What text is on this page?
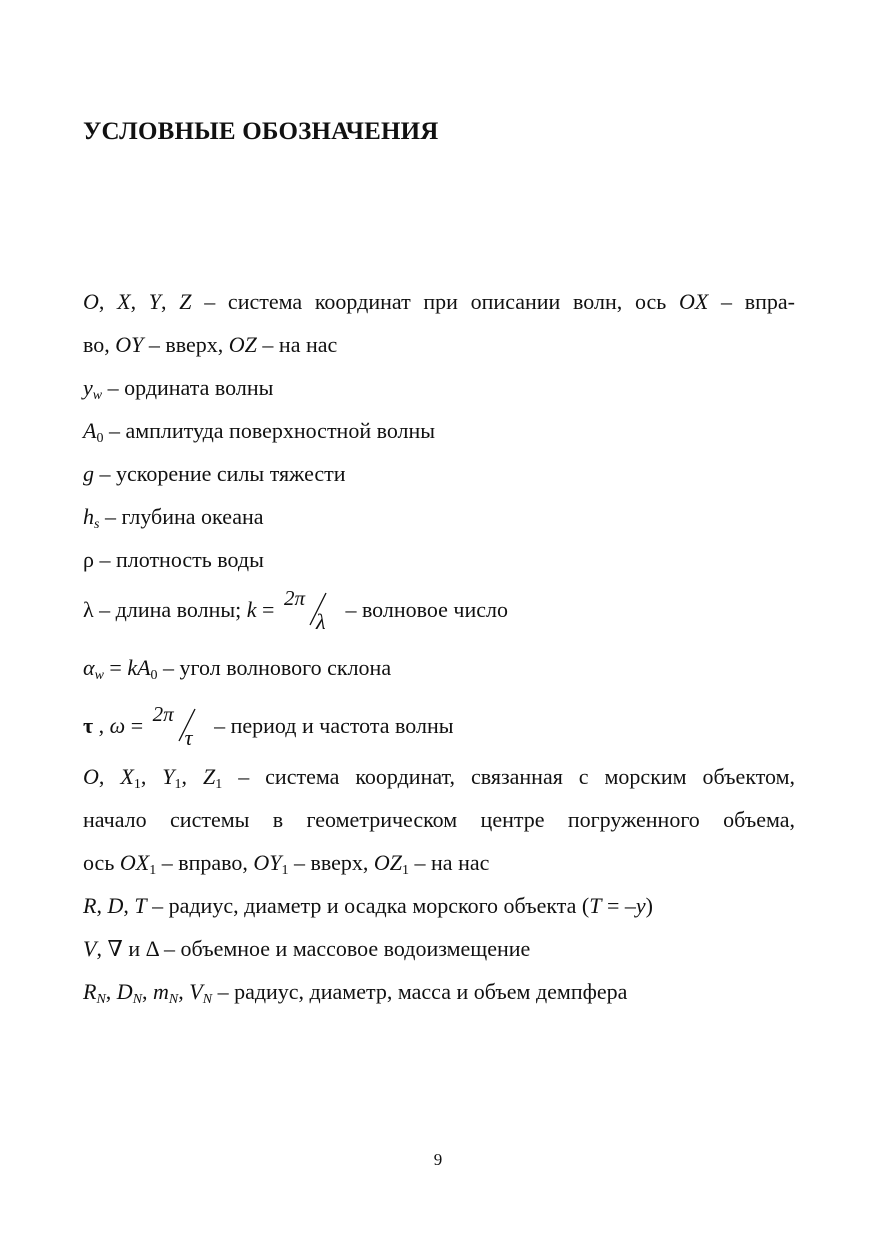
УСЛОВНЫЕ ОБОЗНАЧЕНИЯ
O, X, Y, Z – система координат при описании волн, ось OX – впра-
во, OY – вверх, OZ – на нас
$y_w$ – ордината волны
$A_0$ – амплитуда поверхностной волны
g – ускорение силы тяжести
$h_s$ – глубина океана
ρ – плотность воды
λ – длина волны; k = 2π
λ – волновое число
$\alpha_w = kA_0$ – угол волнового склона
τ , ω = 2π
τ – период и частота волны
O, $X_1$, $Y_1$, $Z_1$ – система координат, связанная с морским объектом,
начало системы в геометрическом центре погруженного объема,
ось $OX_1$ – вправо, $OY_1$ – вверх, $OZ_1$ – на нас
R, D, T – радиус, диаметр и осадка морского объекта (T = –y)
V, ∇ и Δ – объемное и массовое водоизмещение
$R_N$, $D_N$, $m_N$, $V_N$ – радиус, диаметр, масса и объем демпфера
9
